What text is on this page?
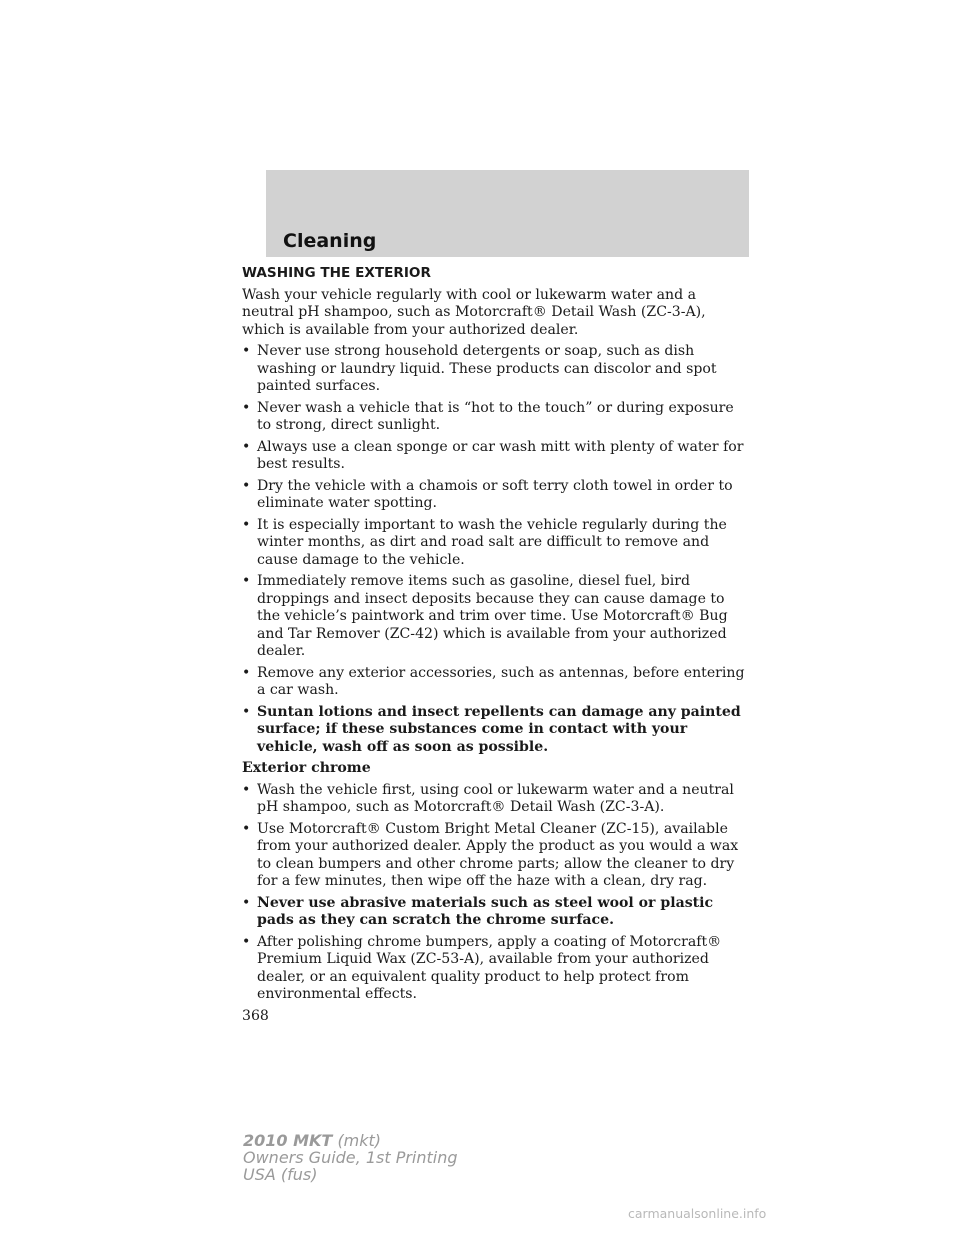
Cleaning
WASHING THE EXTERIOR

Wash your vehicle regularly with cool or lukewarm water and a neutral pH shampoo, such as Motorcraft® Detail Wash (ZC-3-A), which is available from your authorized dealer.

• Never use strong household detergents or soap, such as dish washing or laundry liquid. These products can discolor and spot painted surfaces.
• Never wash a vehicle that is “hot to the touch” or during exposure to strong, direct sunlight.
• Always use a clean sponge or car wash mitt with plenty of water for best results.
• Dry the vehicle with a chamois or soft terry cloth towel in order to eliminate water spotting.
• It is especially important to wash the vehicle regularly during the winter months, as dirt and road salt are difficult to remove and cause damage to the vehicle.
• Immediately remove items such as gasoline, diesel fuel, bird droppings and insect deposits because they can cause damage to the vehicle’s paintwork and trim over time. Use Motorcraft® Bug and Tar Remover (ZC-42) which is available from your authorized dealer.
• Remove any exterior accessories, such as antennas, before entering a car wash.
• Suntan lotions and insect repellents can damage any painted surface; if these substances come in contact with your vehicle, wash off as soon as possible.

Exterior chrome

• Wash the vehicle first, using cool or lukewarm water and a neutral pH shampoo, such as Motorcraft® Detail Wash (ZC-3-A).
• Use Motorcraft® Custom Bright Metal Cleaner (ZC-15), available from your authorized dealer. Apply the product as you would a wax to clean bumpers and other chrome parts; allow the cleaner to dry for a few minutes, then wipe off the haze with a clean, dry rag.
• Never use abrasive materials such as steel wool or plastic pads as they can scratch the chrome surface.
• After polishing chrome bumpers, apply a coating of Motorcraft® Premium Liquid Wax (ZC-53-A), available from your authorized dealer, or an equivalent quality product to help protect from environmental effects.
368
2010 MKT (mkt)
Owners Guide, 1st Printing
USA (fus)
carmanualsonline.info
